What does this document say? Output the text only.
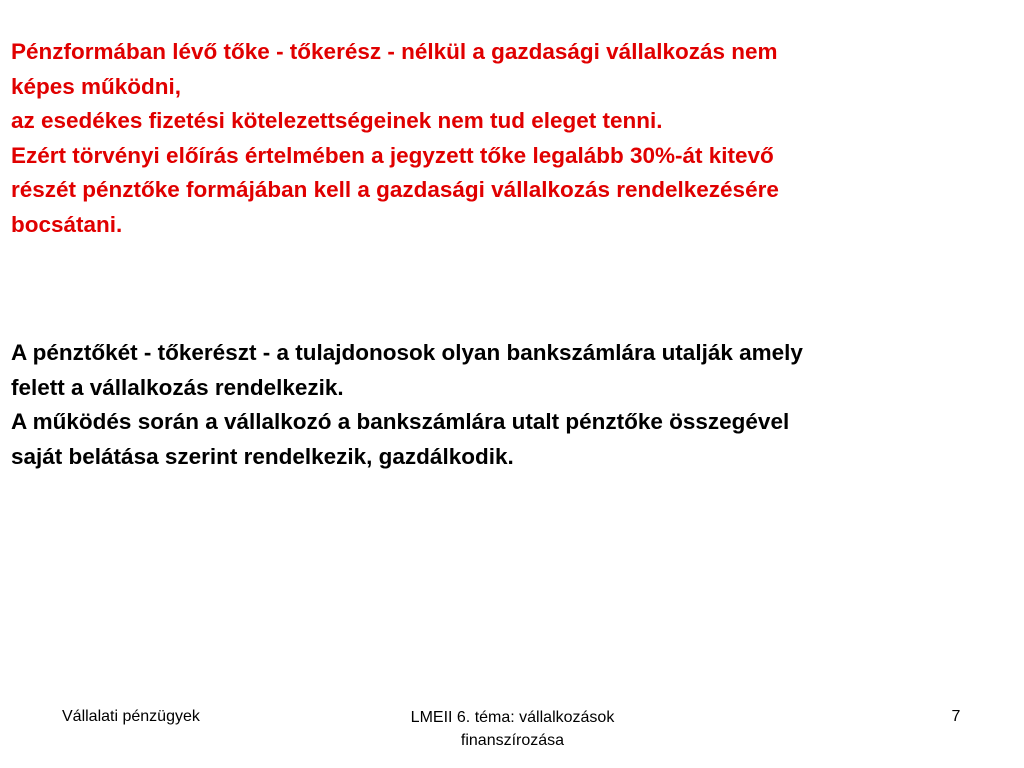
Pénzformában lévő tőke - tőkerész - nélkül a gazdasági vállalkozás nem

képes működni,

az esedékes fizetési kötelezettségeinek nem tud eleget tenni.

Ezért törvényi előírás értelmében a jegyzett tőke legalább 30%-át kitevő

részét pénztőke formájában kell a gazdasági vállalkozás rendelkezésére

bocsátani.

A pénztőkét - tőkerészt - a tulajdonosok olyan bankszámlára utalják amely

felett a vállalkozás rendelkezik.

A működés során a vállalkozó a bankszámlára utalt pénztőke összegével

saját belátása szerint rendelkezik, gazdálkodik.

Vállalati pénzügyek	LMEII 6. téma: vállalkozások
finanszírozása
7
